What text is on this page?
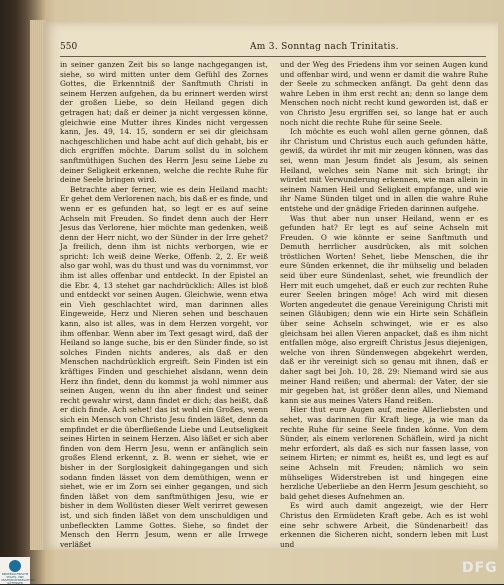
550	Am 3. Sonntag nach Trinitatis.

in seiner ganzen Zeit bis so lange nachgegangen ist, siehe, so wird mitten unter dem Gefühl des Zornes Gottes, die Erkenntniß der Sanftmuth Christi in seinem Herzen aufgehen, da bu erinnert werden wirst der großen Liebe, so dein Heiland gegen dich getragen hat; daß er deiner ja nicht vergessen könne, gleichwie eine Mutter ihres Kindes nicht vergessen kann, Jes. 49, 14. 15, sondern er sei dir gleichsam nachgeschlichen und habe acht auf dich gehabt, bis er dich ergriffen möchte. Darum sollst du in solchem sanftmüthigen Suchen des Herrn Jesu seine Liebe zu deiner Seligkeit erkennen, welche die rechte Ruhe für deine Seele bringen wird.

Betrachte aber ferner, wie es dein Heiland macht: Er gehet dem Verlorenen nach, bis daß er es finde, und wenn er es gefunden hat, so legt er es auf seine Achseln mit Freuden. So findet denn auch der Herr Jesus das Verlorene, hier möchte man gedenken, weiß denn der Herr nicht, wo der Sünder in der Irre gehet? Ja freilich, denn ihm ist nichts verborgen, wie er spricht: Ich weiß deine Werke, Offenb. 2, 2. Er weiß also gar wohl, was du thust und was du vornimmst, vor ihm ist alles offenbar und entdeckt. In der Epistel an die Ebr. 4, 13 stehet gar nachdrücklich: Alles ist bloß und entdeckt vor seinen Augen. Gleichwie, wenn etwa ein Vieh geschlachtet wird, man darinnen alles Eingeweide, Herz und Nieren sehen und beschauen kann, also ist alles, was in dem Herzen vorgeht, vor ihm offenbar. Wenn aber im Text gesagt wird, daß der Heiland so lange suche, bis er den Sünder finde, so ist solches Finden nichts anderes, als daß er den Menschen nachdrücklich ergreift. Sein Finden ist ein kräftiges Finden und geschiehet alsdann, wenn dein Herz ihn findet, denn du kommst ja wohl nimmer aus seinen Augen, wenn du ihn aber findest und seiner recht gewahr wirst, dann findet er dich; das heißt, daß er dich finde. Ach sehet! das ist wohl ein Großes, wenn sich ein Mensch von Christo Jesu finden läßet, denn da empfindet er die überfließende Liebe und Leutseligkeit seines Hirten in seinem Herzen. Also läßet er sich aber finden von dem Herrn Jesu, wenn er anfänglich sein großes Elend erkennt, z. B. wenn er siehet, wie er bisher in der Sorglosigkeit dahingegangen und sich sodann finden lässet von dem demüthigen, wenn er siehet, wie er im Zorn sei einher gegangen, und sich finden läßet von dem sanftmüthigen Jesu, wie er bisher in dem Wollüsten dieser Welt verirret gewesen ist, und sich finden läßet von dem unschuldigen und unbefleckten Lamme Gottes. Siehe, so findet der Mensch den Herrn Jesum, wenn er alle Irrwege verläßet

und der Weg des Friedens ihm vor seinen Augen kund und offenbar wird, und wenn er damit die wahre Ruhe der Seele zu schmecken anfängt. Da geht denn das wahre Leben in ihm erst recht an; denn so lange dem Menschen noch nicht recht kund geworden ist, daß er von Christo Jesu ergriffen sei, so lange hat er auch noch nicht die rechte Ruhe für seine Seele.

Ich möchte es euch wohl allen gerne gönnen, daß ihr Christum und Christus euch auch gefunden hätte, gewiß, da würdet ihr mit mir zeugen können, was das sei, wenn man Jesum findet als Jesum, als seinen Heiland, welches sein Name mit sich bringt; ihr würdet mit Verwunderung erkennen, wie man allein in seinem Namen Heil und Seligkeit empfange, und wie ihr Name Sünden tilget und in allen die wahre Ruhe entstehe und der gnädige Frieden darinnen aufgehe.

Was thut aber nun unser Heiland, wenn er es gefunden hat? Er legt es auf seine Achseln mit Freuden. O wie könnte er seine Sanftmuth und Demuth herrlicher ausdrücken, als mit solchen tröstlichen Worten! Sehet, liebe Menschen, die ihr eure Sünden erkennet, die ihr mühselig und beladen seid über eure Sündenlast, sehet, wie freundlich der Herr mit euch umgehet, daß er euch zur rechten Ruhe eurer Seelen bringen möge! Ach wird mit diesen Worten angedeutet die genaue Vereinigung Christi mit seinen Gläubigen; denn wie ein Hirte sein Schäflein über seine Achseln schwinget, wie er es also gleichsam bei allen Vieren anpacket, daß es ihm nicht entfallen möge, also ergreift Christus Jesus diejenigen, welche von ihren Sündenwegen abgekehrt werden, daß er ihr vereinigt sich so genau mit ihnen, daß er daher sagt bei Joh. 10, 28. 29: Niemand wird sie aus meiner Hand reißen; und abermal: der Vater, der sie mir gegeben hat, ist größer denn alles, und Niemand kann sie aus meines Vaters Hand reißen.

Hier thut eure Augen auf, meine Allerliebsten und sehet, was darinnen für Kraft liege, ja wie man da rechte Ruhe für seine Seele finden könne. Von dem Sünder, als einem verlorenen Schäflein, wird ja nicht mehr erfordert, als daß es sich nur fassen lasse, von seinem Hirten; er nimmt es, heißt es, und legt es auf seine Achseln mit Freuden; nämlich wo sein mühseliges Widerstreben ist und hingegen eine herzliche Ueberliebe an den Herrn Jesum geschieht, so bald gehet dieses Aufnehmen an.

Es wird auch damit angezeigt, wie der Herr Christus den Ermüdeten Kraft gebe. Ach es ist wohl eine sehr schwere Arbeit, die Sündenarbeit! das erkennen die Sicheren nicht, sondern leben mit Lust und

NIEDERSÄCHSISCHE STAATS- UND UNIVERSITÄTSBIBLIOTHEK GÖTTINGEN
DFG
